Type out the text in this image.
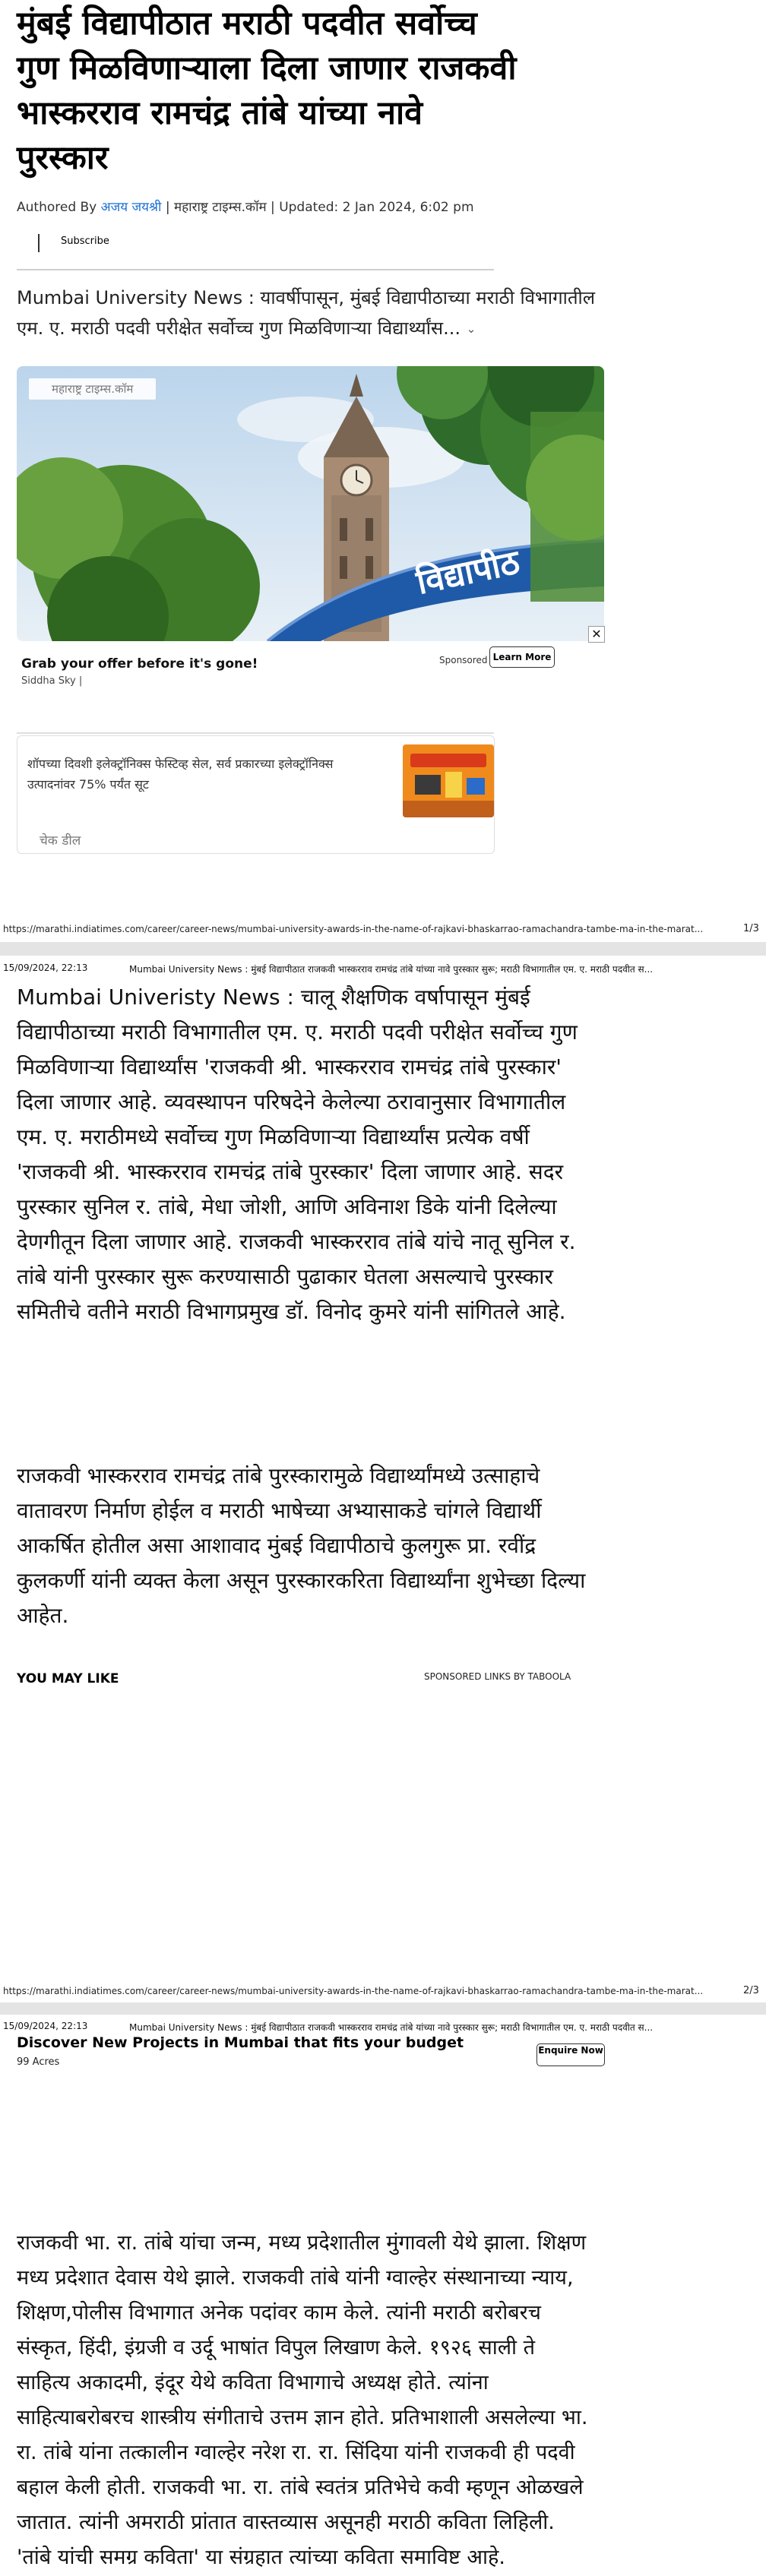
मुंबई विद्यापीठात मराठी पदवीत सर्वोच्च गुण मिळविणाऱ्याला दिला जाणार राजकवी भास्करराव रामचंद्र तांबे यांच्या नावे पुरस्कार
Authored By अजय जयश्री | महाराष्ट्र टाइम्स.कॉम | Updated: 2 Jan 2024, 6:02 pm
Subscribe

Mumbai University News : यावर्षीपासून, मुंबई विद्यापीठाच्या मराठी विभागातील एम. ए. मराठी पदवी परीक्षेत सर्वोच्च गुण मिळविणाऱ्या विद्यार्थ्यांस... ⌄

विद्यापीठ
महाराष्ट्र टाइम्स.कॉम
✕
Grab your offer before it's gone!
Siddha Sky |
Sponsored Learn More
शॉपच्या दिवशी इलेक्ट्रॉनिक्स फेस्टिव्ह सेल, सर्व प्रकारच्या इलेक्ट्रॉनिक्स उत्पादनांवर 75% पर्यंत सूट
चेक डील
https://marathi.indiatimes.com/career/career-news/mumbai-university-awards-in-the-name-of-rajkavi-bhaskarrao-ramachandra-tambe-ma-in-the-marat...	1/3
15/09/2024, 22:13	Mumbai University News : मुंबई विद्यापीठात राजकवी भास्करराव रामचंद्र तांबे यांच्या नावे पुरस्कार सुरू; मराठी विभागातील एम. ए. मराठी पदवीत स...

Mumbai Univeristy News : चालू शैक्षणिक वर्षापासून मुंबई विद्यापीठाच्या मराठी विभागातील एम. ए. मराठी पदवी परीक्षेत सर्वोच्च गुण मिळविणाऱ्या विद्यार्थ्यांस 'राजकवी श्री. भास्करराव रामचंद्र तांबे पुरस्कार' दिला जाणार आहे. व्यवस्थापन परिषदेने केलेल्या ठरावानुसार विभागातील एम. ए. मराठीमध्ये सर्वोच्च गुण मिळविणाऱ्या विद्यार्थ्यांस प्रत्येक वर्षी 'राजकवी श्री. भास्करराव रामचंद्र तांबे पुरस्कार' दिला जाणार आहे. सदर पुरस्कार सुनिल र. तांबे, मेधा जोशी, आणि अविनाश डिके यांनी दिलेल्या देणगीतून दिला जाणार आहे. राजकवी भास्करराव तांबे यांचे नातू सुनिल र. तांबे यांनी पुरस्कार सुरू करण्यासाठी पुढाकार घेतला असल्याचे पुरस्कार समितीचे वतीने मराठी विभागप्रमुख डॉ. विनोद कुमरे यांनी सांगितले आहे.

राजकवी भास्करराव रामचंद्र तांबे पुरस्कारामुळे विद्यार्थ्यांमध्ये उत्साहाचे वातावरण निर्माण होईल व मराठी भाषेच्या अभ्यासाकडे चांगले विद्यार्थी आकर्षित होतील असा आशावाद मुंबई विद्यापीठाचे कुलगुरू प्रा. रवींद्र कुलकर्णी यांनी व्यक्त केला असून पुरस्कारकरिता विद्यार्थ्यांना शुभेच्छा दिल्या आहेत.

YOU MAY LIKE	SPONSORED LINKS BY TABOOLA
https://marathi.indiatimes.com/career/career-news/mumbai-university-awards-in-the-name-of-rajkavi-bhaskarrao-ramachandra-tambe-ma-in-the-marat...	2/3
15/09/2024, 22:13	Mumbai University News : मुंबई विद्यापीठात राजकवी भास्करराव रामचंद्र तांबे यांच्या नावे पुरस्कार सुरू; मराठी विभागातील एम. ए. मराठी पदवीत स...
Discover New Projects in Mumbai that fits your budget
99 Acres
Enquire Now

राजकवी भा. रा. तांबे यांचा जन्म, मध्य प्रदेशातील मुंगावली येथे झाला. शिक्षण मध्य प्रदेशात देवास येथे झाले. राजकवी तांबे यांनी ग्वाल्हेर संस्थानाच्या न्याय, शिक्षण,पोलीस विभागात अनेक पदांवर काम केले. त्यांनी मराठी बरोबरच संस्कृत, हिंदी, इंग्रजी व उर्दू भाषांत विपुल लिखाण केले. १९२६ साली ते साहित्य अकादमी, इंदूर येथे कविता विभागाचे अध्यक्ष होते. त्यांना साहित्याबरोबरच शास्त्रीय संगीताचे उत्तम ज्ञान होते. प्रतिभाशाली असलेल्या भा. रा. तांबे यांना तत्कालीन ग्वाल्हेर नरेश रा. रा. सिंदिया यांनी राजकवी ही पदवी बहाल केली होती. राजकवी भा. रा. तांबे स्वतंत्र प्रतिभेचे कवी म्हणून ओळखले जातात. त्यांनी अमराठी प्रांतात वास्तव्यास असूनही मराठी कविता लिहिली. 'तांबे यांची समग्र कविता' या संग्रहात त्यांच्या कविता समाविष्ट आहे.
